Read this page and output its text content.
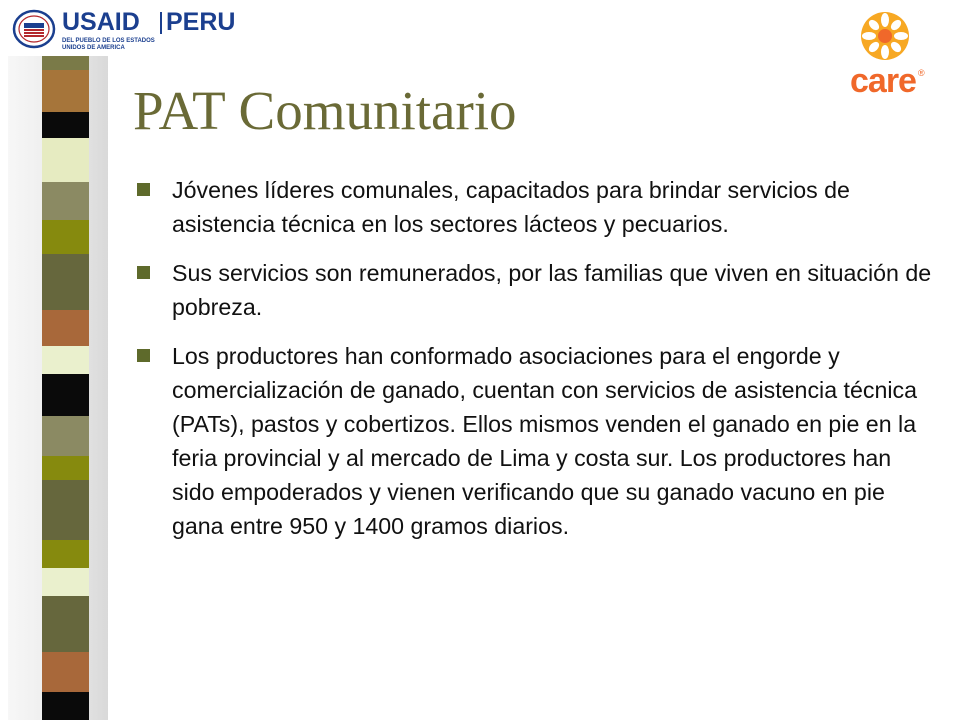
USAID PERU
DEL PUEBLO DE LOS ESTADOS
UNIDOS DE AMERICA
care ®
PAT Comunitario
Jóvenes líderes comunales, capacitados para brindar servicios de asistencia técnica en los sectores lácteos y pecuarios.
Sus servicios son remunerados, por las familias que viven en situación de pobreza.
Los productores han conformado asociaciones para el engorde y comercialización de ganado, cuentan con servicios de asistencia técnica (PATs), pastos y cobertizos. Ellos mismos venden el ganado en pie en la feria provincial y al mercado de Lima y costa sur. Los productores han sido empoderados y vienen verificando que su ganado vacuno en pie gana entre 950 y 1400 gramos diarios.
